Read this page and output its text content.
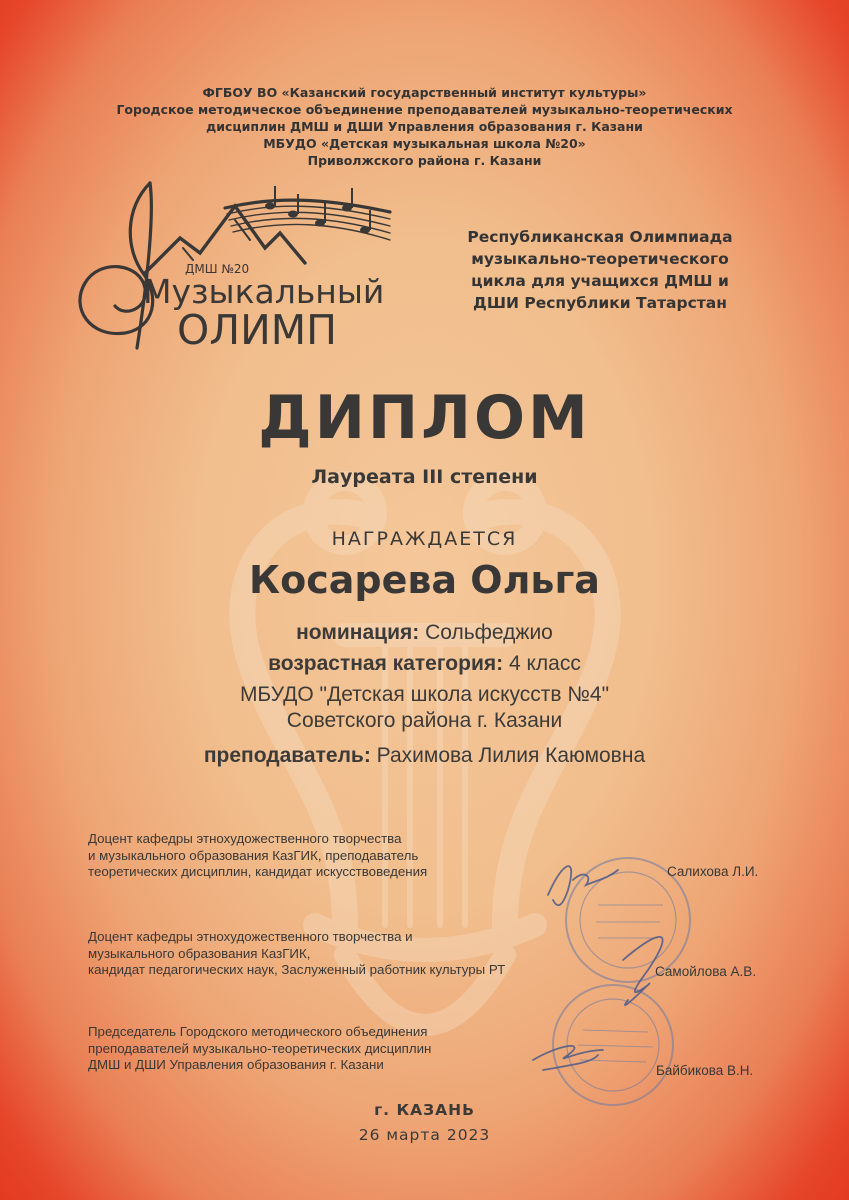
ФГБОУ ВО «Казанский государственный институт культуры»
Городское методическое объединение преподавателей музыкально-теоретических
дисциплин ДМШ и ДШИ Управления образования г. Казани
МБУДО «Детская музыкальная школа №20»
Приволжского района г. Казани
ДМШ №20
Музыкальный
ОЛИМП
Республиканская Олимпиада
музыкально-теоретического
цикла для учащихся ДМШ и
ДШИ Республики Татарстан
ДИПЛОМ
Лауреата III степени
НАГРАЖДАЕТСЯ
Косарева Ольга
номинация: Сольфеджио
возрастная категория: 4 класс
МБУДО "Детская школа искусств №4"
Советского района г. Казани
преподаватель: Рахимова Лилия Каюмовна
Доцент кафедры этнохудожественного творчества
и музыкального образования КазГИК, преподаватель
теоретических дисциплин, кандидат искусствоведения	Салихова Л.И.
Доцент кафедры этнохудожественного творчества и
музыкального образования КазГИК,
кандидат педагогических наук, Заслуженный работник культуры РТ	Самойлова А.В.
Председатель Городского методического объединения
преподавателей музыкально-теоретических дисциплин
ДМШ и ДШИ Управления образования г. Казани	Байбикова В.Н.
г. КАЗАНЬ
26 марта 2023
